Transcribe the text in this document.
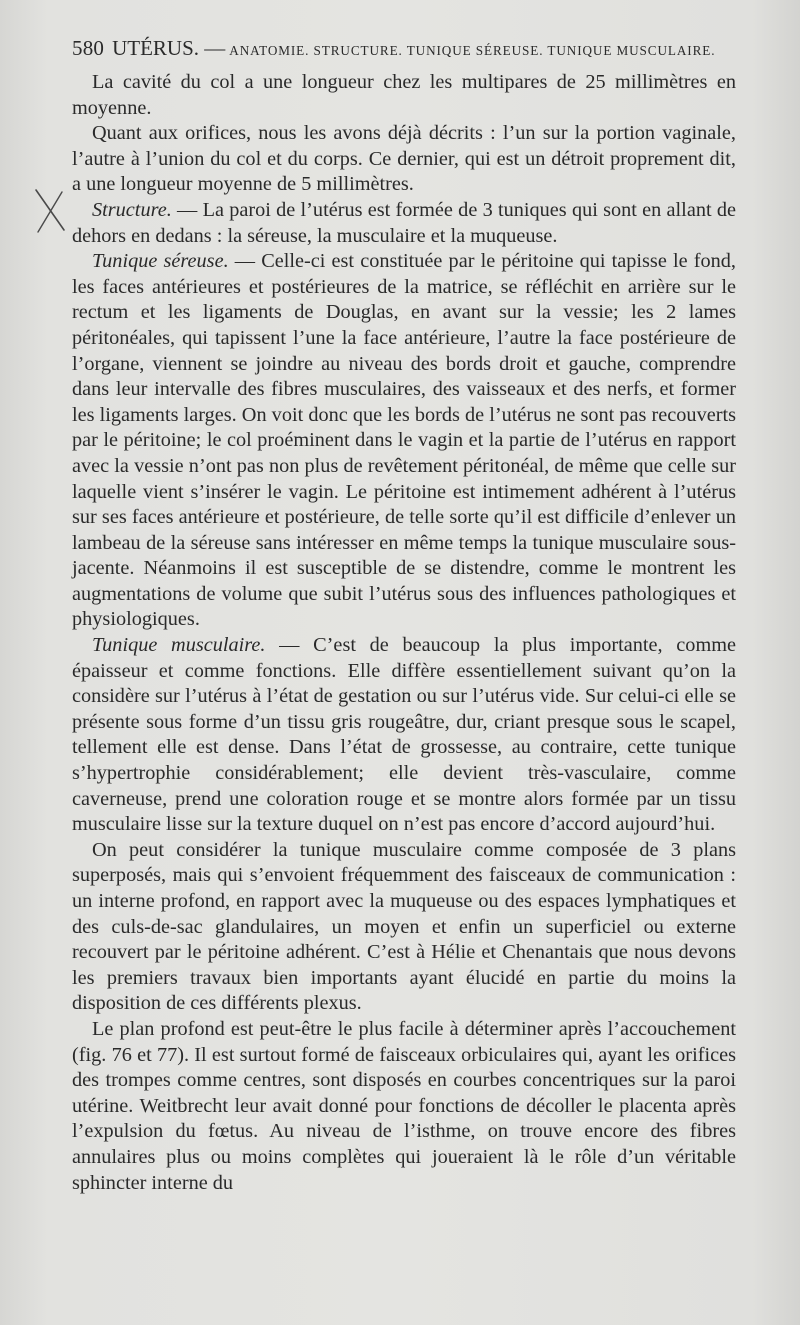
580 UTÉRUS. — ANATOMIE. STRUCTURE. TUNIQUE SÉREUSE. TUNIQUE MUSCULAIRE.

La cavité du col a une longueur chez les multipares de 25 millimètres en moyenne.

Quant aux orifices, nous les avons déjà décrits : l’un sur la portion vaginale, l’autre à l’union du col et du corps. Ce dernier, qui est un détroit proprement dit, a une longueur moyenne de 5 millimètres.

Structure. — La paroi de l’utérus est formée de 3 tuniques qui sont en allant de dehors en dedans : la séreuse, la musculaire et la muqueuse.

Tunique séreuse. — Celle-ci est constituée par le péritoine qui tapisse le fond, les faces antérieures et postérieures de la matrice, se réfléchit en arrière sur le rectum et les ligaments de Douglas, en avant sur la vessie; les 2 lames péritonéales, qui tapissent l’une la face antérieure, l’autre la face postérieure de l’organe, viennent se joindre au niveau des bords droit et gauche, comprendre dans leur intervalle des fibres musculaires, des vaisseaux et des nerfs, et former les ligaments larges. On voit donc que les bords de l’utérus ne sont pas recouverts par le péritoine; le col proéminent dans le vagin et la partie de l’utérus en rapport avec la vessie n’ont pas non plus de revêtement péritonéal, de même que celle sur laquelle vient s’insérer le vagin. Le péritoine est intimement adhérent à l’utérus sur ses faces antérieure et postérieure, de telle sorte qu’il est difficile d’enlever un lambeau de la séreuse sans intéresser en même temps la tunique musculaire sous-jacente. Néanmoins il est susceptible de se distendre, comme le montrent les augmentations de volume que subit l’utérus sous des influences pathologiques et physiologiques.

Tunique musculaire. — C’est de beaucoup la plus importante, comme épaisseur et comme fonctions. Elle diffère essentiellement suivant qu’on la considère sur l’utérus à l’état de gestation ou sur l’utérus vide. Sur celui-ci elle se présente sous forme d’un tissu gris rougeâtre, dur, criant presque sous le scapel, tellement elle est dense. Dans l’état de grossesse, au contraire, cette tunique s’hypertrophie considérablement; elle devient très-vasculaire, comme caverneuse, prend une coloration rouge et se montre alors formée par un tissu musculaire lisse sur la texture duquel on n’est pas encore d’accord aujourd’hui.

On peut considérer la tunique musculaire comme composée de 3 plans superposés, mais qui s’envoient fréquemment des faisceaux de communication : un interne profond, en rapport avec la muqueuse ou des espaces lymphatiques et des culs-de-sac glandulaires, un moyen et enfin un superficiel ou externe recouvert par le péritoine adhérent. C’est à Hélie et Chenantais que nous devons les premiers travaux bien importants ayant élucidé en partie du moins la disposition de ces différents plexus.

Le plan profond est peut-être le plus facile à déterminer après l’accouchement (fig. 76 et 77). Il est surtout formé de faisceaux orbiculaires qui, ayant les orifices des trompes comme centres, sont disposés en courbes concentriques sur la paroi utérine. Weitbrecht leur avait donné pour fonctions de décoller le placenta après l’expulsion du fœtus. Au niveau de l’isthme, on trouve encore des fibres annulaires plus ou moins complètes qui joueraient là le rôle d’un véritable sphincter interne du
